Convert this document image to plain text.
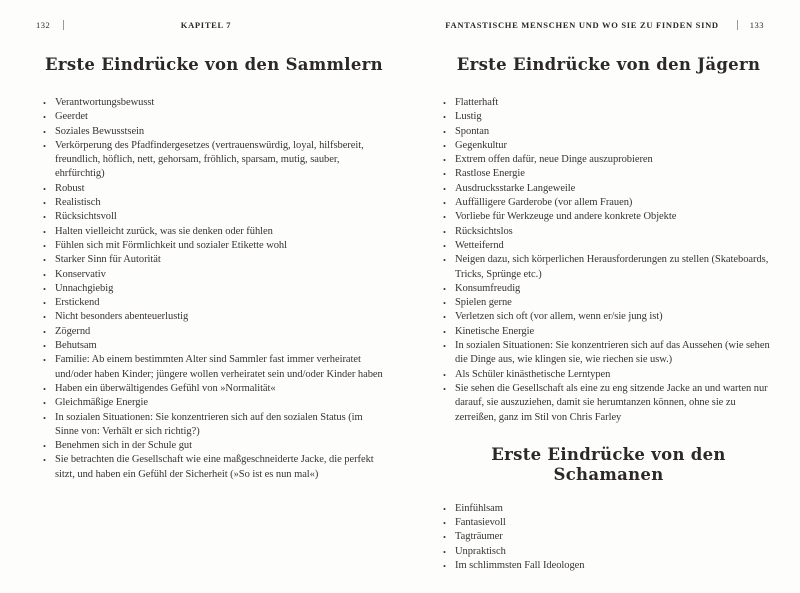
132	KAPITEL 7
Erste Eindrücke von den Sammlern
• Verantwortungsbewusst
• Geerdet
• Soziales Bewusstsein
• Verkörperung des Pfadfindergesetzes (vertrauenswürdig, loyal, hilfsbereit, freundlich, höflich, nett, gehorsam, fröhlich, sparsam, mutig, sauber, ehrfürchtig)
• Robust
• Realistisch
• Rücksichtsvoll
• Halten vielleicht zurück, was sie denken oder fühlen
• Fühlen sich mit Förmlichkeit und sozialer Etikette wohl
• Starker Sinn für Autorität
• Konservativ
• Unnachgiebig
• Erstickend
• Nicht besonders abenteuerlustig
• Zögernd
• Behutsam
• Familie: Ab einem bestimmten Alter sind Sammler fast immer verheiratet und/oder haben Kinder; jüngere wollen verheiratet sein und/oder Kinder haben
• Haben ein überwältigendes Gefühl von »Normalität«
• Gleichmäßige Energie
• In sozialen Situationen: Sie konzentrieren sich auf den sozialen Status (im Sinne von: Verhält er sich richtig?)
• Benehmen sich in der Schule gut
• Sie betrachten die Gesellschaft wie eine maßgeschneiderte Jacke, die perfekt sitzt, und haben ein Gefühl der Sicherheit (»So ist es nun mal«)
FANTASTISCHE MENSCHEN UND WO SIE ZU FINDEN SIND	133
Erste Eindrücke von den Jägern
• Flatterhaft
• Lustig
• Spontan
• Gegenkultur
• Extrem offen dafür, neue Dinge auszuprobieren
• Rastlose Energie
• Ausdrucksstarke Langeweile
• Auffälligere Garderobe (vor allem Frauen)
• Vorliebe für Werkzeuge und andere konkrete Objekte
• Rücksichtslos
• Wetteifernd
• Neigen dazu, sich körperlichen Herausforderungen zu stellen (Skateboards, Tricks, Sprünge etc.)
• Konsumfreudig
• Spielen gerne
• Verletzen sich oft (vor allem, wenn er/sie jung ist)
• Kinetische Energie
• In sozialen Situationen: Sie konzentrieren sich auf das Aussehen (wie sehen die Dinge aus, wie klingen sie, wie riechen sie usw.)
• Als Schüler kinästhetische Lerntypen
• Sie sehen die Gesellschaft als eine zu eng sitzende Jacke an und warten nur darauf, sie auszuziehen, damit sie herumtanzen können, ohne sie zu zerreißen, ganz im Stil von Chris Farley
Erste Eindrücke von den Schamanen
• Einfühlsam
• Fantasievoll
• Tagträumer
• Unpraktisch
• Im schlimmsten Fall Ideologen
